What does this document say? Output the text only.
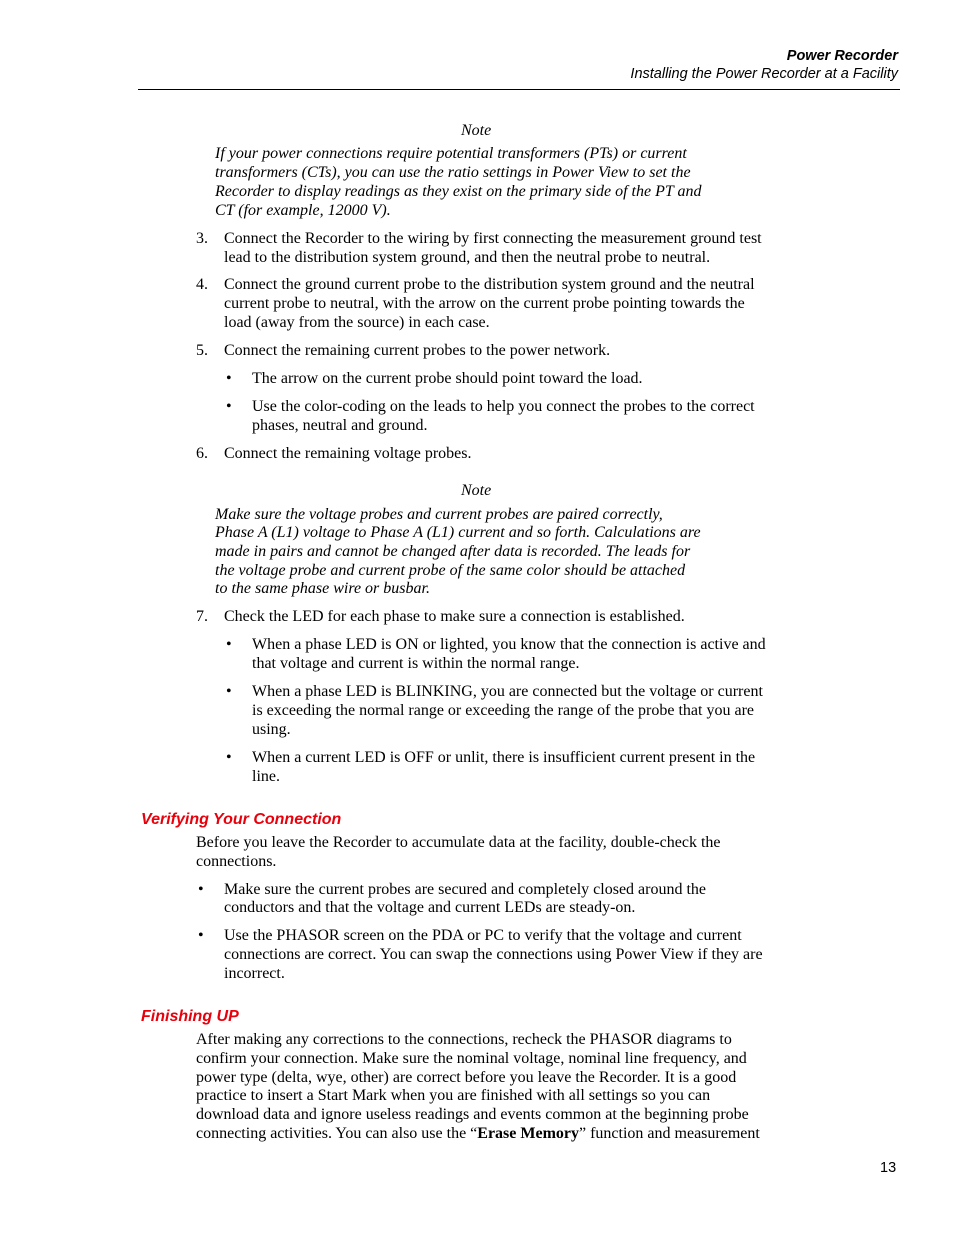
Power Recorder
Installing the Power Recorder at a Facility
Note
If your power connections require potential transformers (PTs) or current
transformers (CTs), you can use the ratio settings in Power View to set the
Recorder to display readings as they exist on the primary side of the PT and
CT (for example, 12000 V).
3. Connect the Recorder to the wiring by first connecting the measurement ground test
lead to the distribution system ground, and then the neutral probe to neutral.
4. Connect the ground current probe to the distribution system ground and the neutral
current probe to neutral, with the arrow on the current probe pointing towards the
load (away from the source) in each case.
5. Connect the remaining current probes to the power network.
• The arrow on the current probe should point toward the load.
• Use the color-coding on the leads to help you connect the probes to the correct
phases, neutral and ground.
6. Connect the remaining voltage probes.
Note
Make sure the voltage probes and current probes are paired correctly,
Phase A (L1) voltage to Phase A (L1) current and so forth. Calculations are
made in pairs and cannot be changed after data is recorded. The leads for
the voltage probe and current probe of the same color should be attached
to the same phase wire or busbar.
7. Check the LED for each phase to make sure a connection is established.
• When a phase LED is ON or lighted, you know that the connection is active and
that voltage and current is within the normal range.
• When a phase LED is BLINKING, you are connected but the voltage or current
is exceeding the normal range or exceeding the range of the probe that you are
using.
• When a current LED is OFF or unlit, there is insufficient current present in the
line.
Verifying Your Connection
Before you leave the Recorder to accumulate data at the facility, double-check the
connections.
• Make sure the current probes are secured and completely closed around the
conductors and that the voltage and current LEDs are steady-on.
• Use the PHASOR screen on the PDA or PC to verify that the voltage and current
connections are correct. You can swap the connections using Power View if they are
incorrect.
Finishing UP
After making any corrections to the connections, recheck the PHASOR diagrams to
confirm your connection. Make sure the nominal voltage, nominal line frequency, and
power type (delta, wye, other) are correct before you leave the Recorder. It is a good
practice to insert a Start Mark when you are finished with all settings so you can
download data and ignore useless readings and events common at the beginning probe
connecting activities. You can also use the “Erase Memory” function and measurement
13
